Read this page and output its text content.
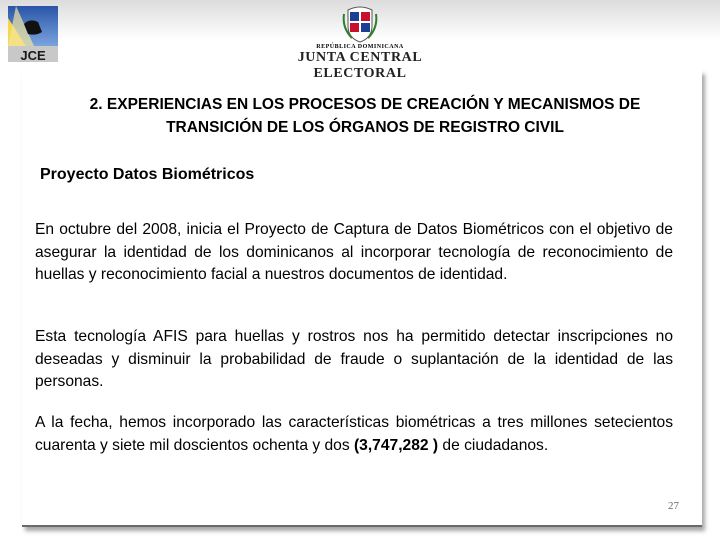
JCE
REPÚBLICA DOMINICANA
JUNTA CENTRAL ELECTORAL
2. EXPERIENCIAS EN LOS PROCESOS DE CREACIÓN Y MECANISMOS DE TRANSICIÓN DE LOS ÓRGANOS DE REGISTRO CIVIL
Proyecto Datos Biométricos
En octubre del 2008, inicia el Proyecto de Captura de Datos Biométricos con el objetivo de asegurar la identidad de los dominicanos al incorporar tecnología de reconocimiento de huellas y reconocimiento facial a nuestros documentos de identidad.
Esta tecnología AFIS para huellas y rostros nos ha permitido detectar inscripciones no deseadas y disminuir la probabilidad de fraude o suplantación de la identidad de las personas.
A la fecha, hemos incorporado las características biométricas a tres millones setecientos cuarenta y siete mil doscientos ochenta y dos (3,747,282 ) de ciudadanos.
27
